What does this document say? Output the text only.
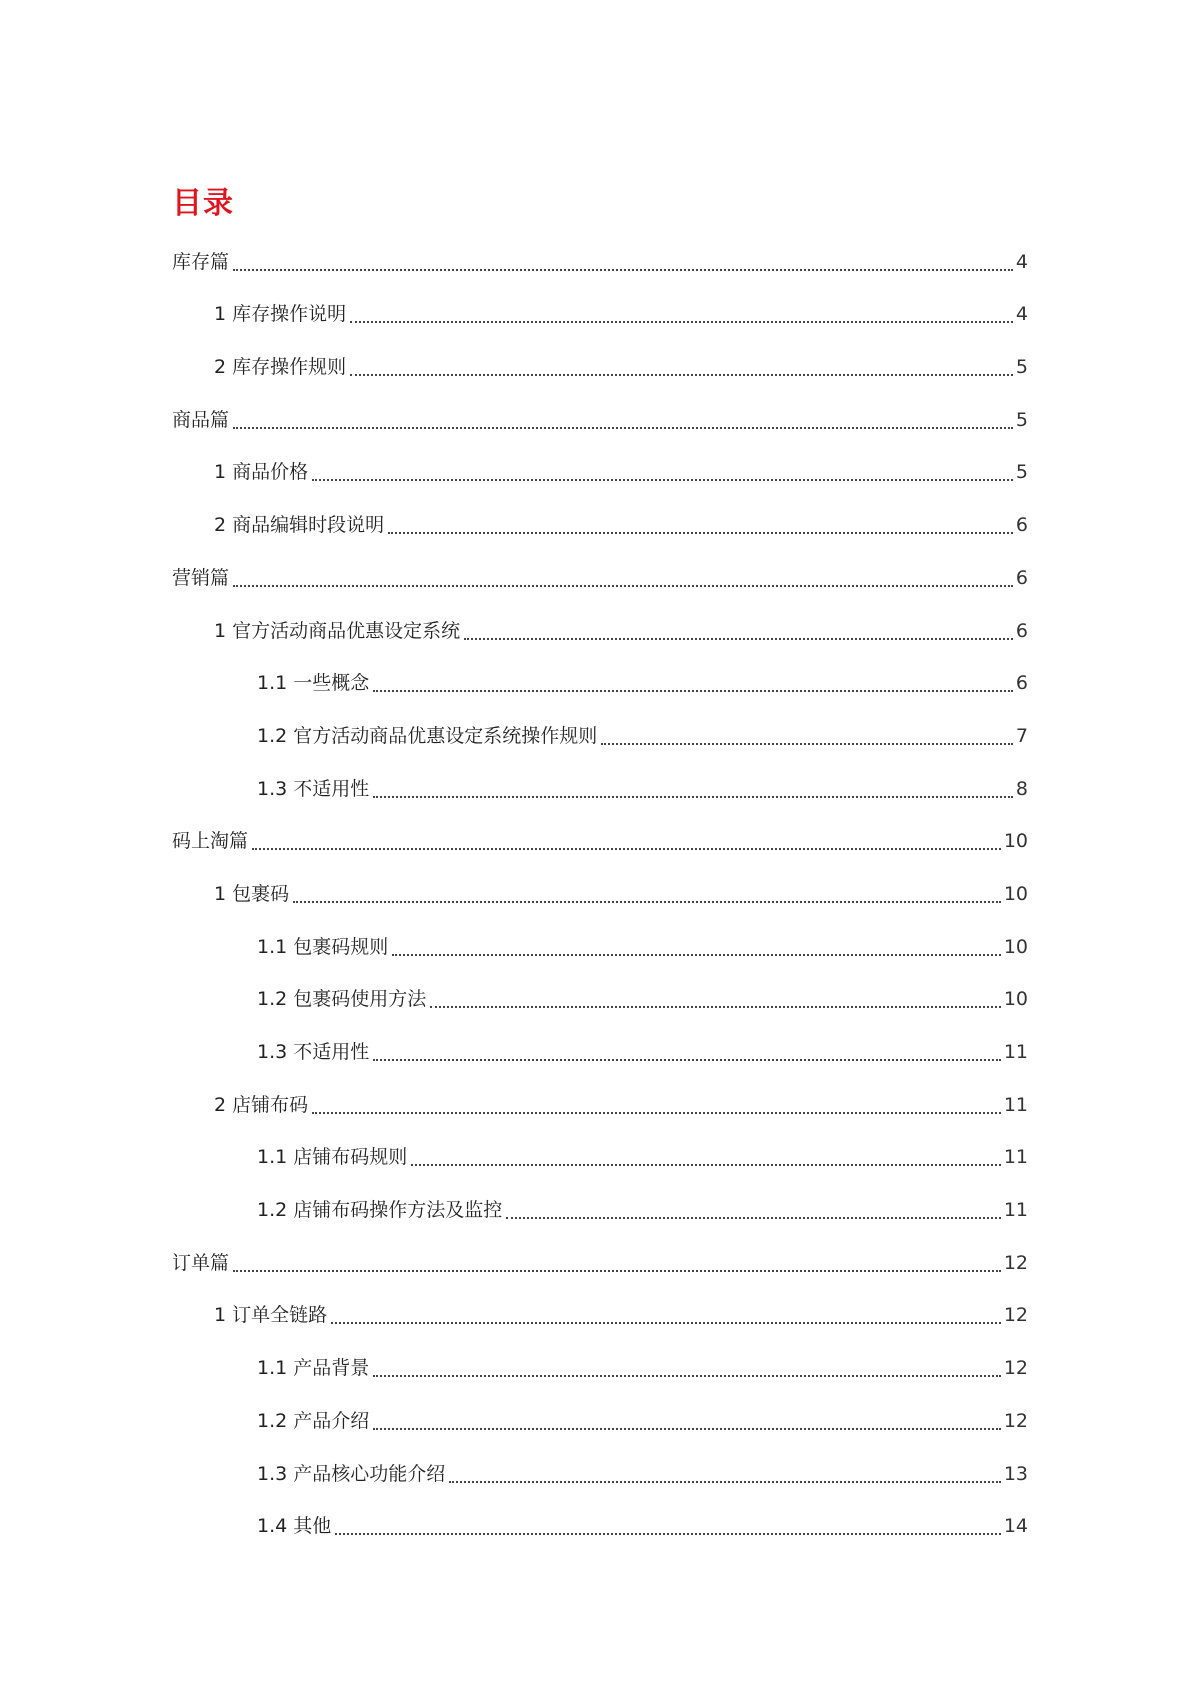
目录
库存篇	4
1 库存操作说明	4
2 库存操作规则	5
商品篇	5
1 商品价格	5
2 商品编辑时段说明	6
营销篇	6
1 官方活动商品优惠设定系统	6
1.1 一些概念	6
1.2 官方活动商品优惠设定系统操作规则	7
1.3 不适用性	8
码上淘篇	10
1 包裹码	10
1.1 包裹码规则	10
1.2 包裹码使用方法	10
1.3 不适用性	11
2 店铺布码	11
1.1 店铺布码规则	11
1.2 店铺布码操作方法及监控	11
订单篇	12
1 订单全链路	12
1.1 产品背景	12
1.2 产品介绍	12
1.3 产品核心功能介绍	13
1.4 其他	14
